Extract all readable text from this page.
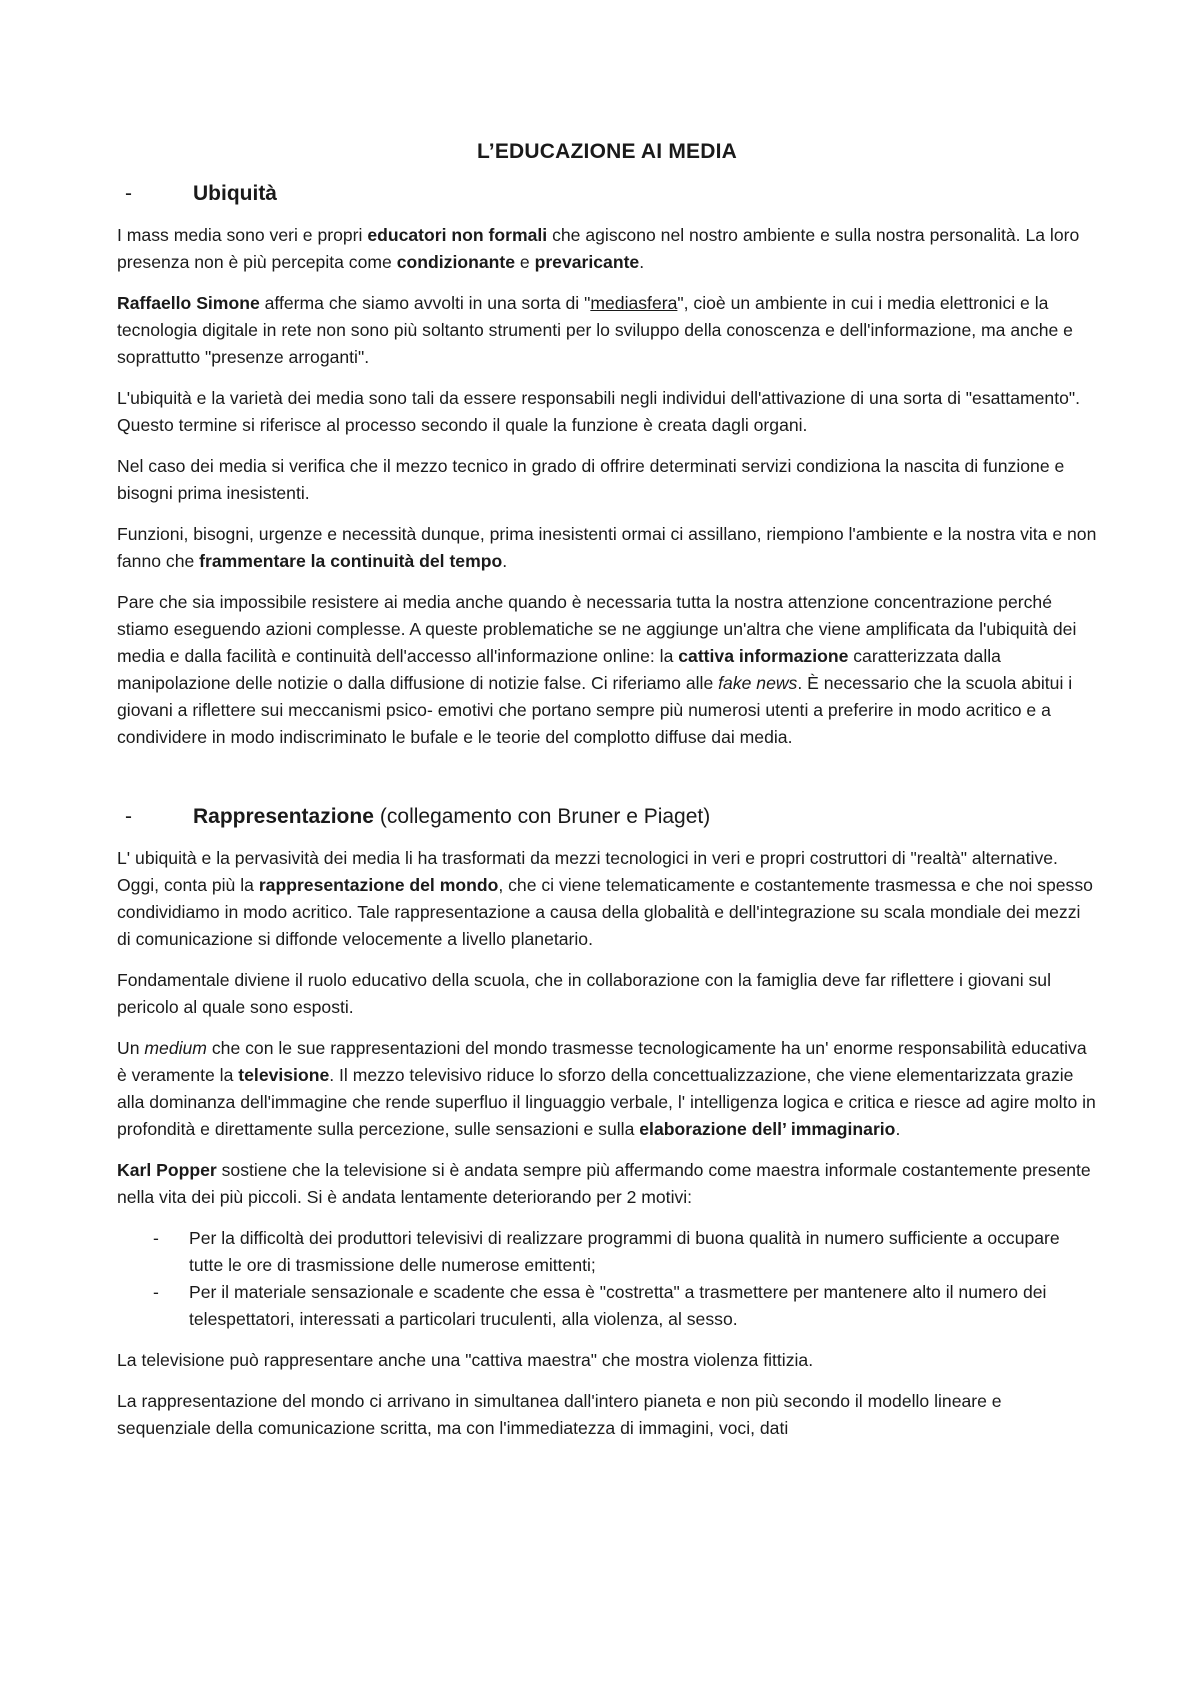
L’EDUCAZIONE AI MEDIA
-	Ubiquità

I mass media sono veri e propri educatori non formali che agiscono nel nostro ambiente e sulla nostra personalità. La loro presenza non è più percepita come condizionante e prevaricante.

Raffaello Simone afferma che siamo avvolti in una sorta di "mediasfera", cioè un ambiente in cui i media elettronici e la tecnologia digitale in rete non sono più soltanto strumenti per lo sviluppo della conoscenza e dell'informazione, ma anche e soprattutto "presenze arroganti".

L'ubiquità e la varietà dei media sono tali da essere responsabili negli individui dell'attivazione di una sorta di "esattamento". Questo termine si riferisce al processo secondo il quale la funzione è creata dagli organi.

Nel caso dei media si verifica che il mezzo tecnico in grado di offrire determinati servizi condiziona la nascita di funzione e bisogni prima inesistenti.

Funzioni, bisogni, urgenze e necessità dunque, prima inesistenti ormai ci assillano, riempiono l'ambiente e la nostra vita e non fanno che frammentare la continuità del tempo.

Pare che sia impossibile resistere ai media anche quando è necessaria tutta la nostra attenzione concentrazione perché stiamo eseguendo azioni complesse. A queste problematiche se ne aggiunge un'altra che viene amplificata da l'ubiquità dei media e dalla facilità e continuità dell'accesso all'informazione online: la cattiva informazione caratterizzata dalla manipolazione delle notizie o dalla diffusione di notizie false. Ci riferiamo alle fake news. È necessario che la scuola abitui i giovani a riflettere sui meccanismi psico- emotivi che portano sempre più numerosi utenti a preferire in modo acritico e a condividere in modo indiscriminato le bufale e le teorie del complotto diffuse dai media.

-	Rappresentazione (collegamento con Bruner e Piaget)

L' ubiquità e la pervasività dei media li ha trasformati da mezzi tecnologici in veri e propri costruttori di "realtà" alternative. Oggi, conta più la rappresentazione del mondo, che ci viene telematicamente e costantemente trasmessa e che noi spesso condividiamo in modo acritico. Tale rappresentazione a causa della globalità e dell'integrazione su scala mondiale dei mezzi di comunicazione si diffonde velocemente a livello planetario.

Fondamentale diviene il ruolo educativo della scuola, che in collaborazione con la famiglia deve far riflettere i giovani sul pericolo al quale sono esposti.

Un medium che con le sue rappresentazioni del mondo trasmesse tecnologicamente ha un' enorme responsabilità educativa è veramente la televisione. Il mezzo televisivo riduce lo sforzo della concettualizzazione, che viene elementarizzata grazie alla dominanza dell'immagine che rende superfluo il linguaggio verbale, l' intelligenza logica e critica e riesce ad agire molto in profondità e direttamente sulla percezione, sulle sensazioni e sulla elaborazione dell’ immaginario.

Karl Popper sostiene che la televisione si è andata sempre più affermando come maestra informale costantemente presente nella vita dei più piccoli. Si è andata lentamente deteriorando per 2 motivi:

-	Per la difficoltà dei produttori televisivi di realizzare programmi di buona qualità in numero sufficiente a occupare tutte le ore di trasmissione delle numerose emittenti;
-	Per il materiale sensazionale e scadente che essa è "costretta" a trasmettere per mantenere alto il numero dei telespettatori, interessati a particolari truculenti, alla violenza, al sesso.

La televisione può rappresentare anche una "cattiva maestra" che mostra violenza fittizia.

La rappresentazione del mondo ci arrivano in simultanea dall'intero pianeta e non più secondo il modello lineare e sequenziale della comunicazione scritta, ma con l'immediatezza di immagini, voci, dati
